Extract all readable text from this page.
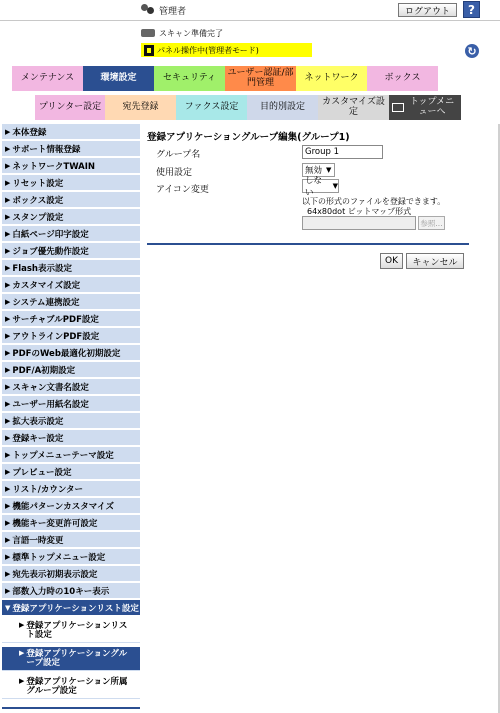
管理者	ログアウト	?
スキャン準備完了
パネル操作中(管理者モード)	↻
メンテナンス	環境設定	セキュリティ	ユーザー認証/部門管理	ネットワーク	ボックス
プリンター設定	宛先登録	ファクス設定	目的別設定	カスタマイズ設定
トップメニューへ
▶ 本体登録
▶ サポート情報登録
▶ ネットワークTWAIN
▶ リセット設定
▶ ボックス設定
▶ スタンプ設定
▶ 白紙ページ印字設定
▶ ジョブ優先動作設定
▶ Flash表示設定
▶ カスタマイズ設定
▶ システム連携設定
▶ サーチャブルPDF設定
▶ アウトラインPDF設定
▶ PDFのWeb最適化初期設定
▶ PDF/A初期設定
▶ スキャン文書名設定
▶ ユーザー用紙名設定
▶ 拡大表示設定
▶ 登録キー設定
▶ トップメニューテーマ設定
▶ プレビュー設定
▶ リスト/カウンター
▶ 機能パターンカスタマイズ
▶ 機能キー変更許可設定
▶ 言語一時変更
▶ 標準トップメニュー設定
▶ 宛先表示初期表示設定
▶ 部数入力時の10キー表示
▼ 登録アプリケーションリスト設定
▶ 登録アプリケーションリスト設定
▶ 登録アプリケーショングループ設定
▶ 登録アプリケーション所属グループ設定
登録アプリケーショングループ編集(グループ1)
グループ名	Group 1
使用設定	無効 ▼
アイコン変更
しない
▼
以下の形式のファイルを登録できます。
64x80dot ビットマップ形式
参照...
OK	キャンセル
